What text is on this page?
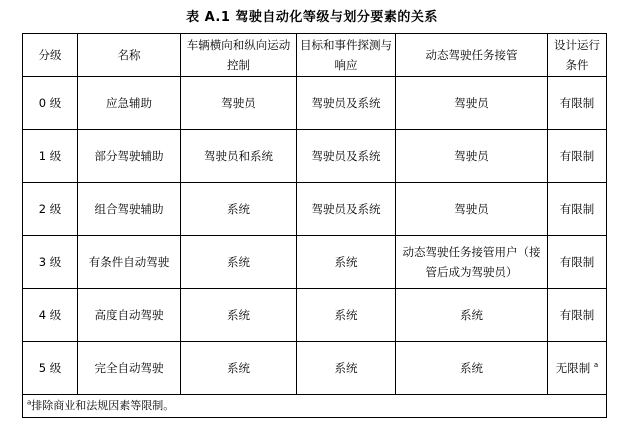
表 A.1 驾驶自动化等级与划分要素的关系
分级	名称	车辆横向和纵向运动控制	目标和事件探测与响应	动态驾驶任务接管	设计运行条件
0 级	应急辅助	驾驶员	驾驶员及系统	驾驶员	有限制
1 级	部分驾驶辅助	驾驶员和系统	驾驶员及系统	驾驶员	有限制
2 级	组合驾驶辅助	系统	驾驶员及系统	驾驶员	有限制
3 级	有条件自动驾驶	系统	系统	动态驾驶任务接管用户（接管后成为驾驶员）	有限制
4 级	高度自动驾驶	系统	系统	系统	有限制
5 级	完全自动驾驶	系统	系统	系统	无限制 $^a$
$^a$排除商业和法规因素等限制。					
